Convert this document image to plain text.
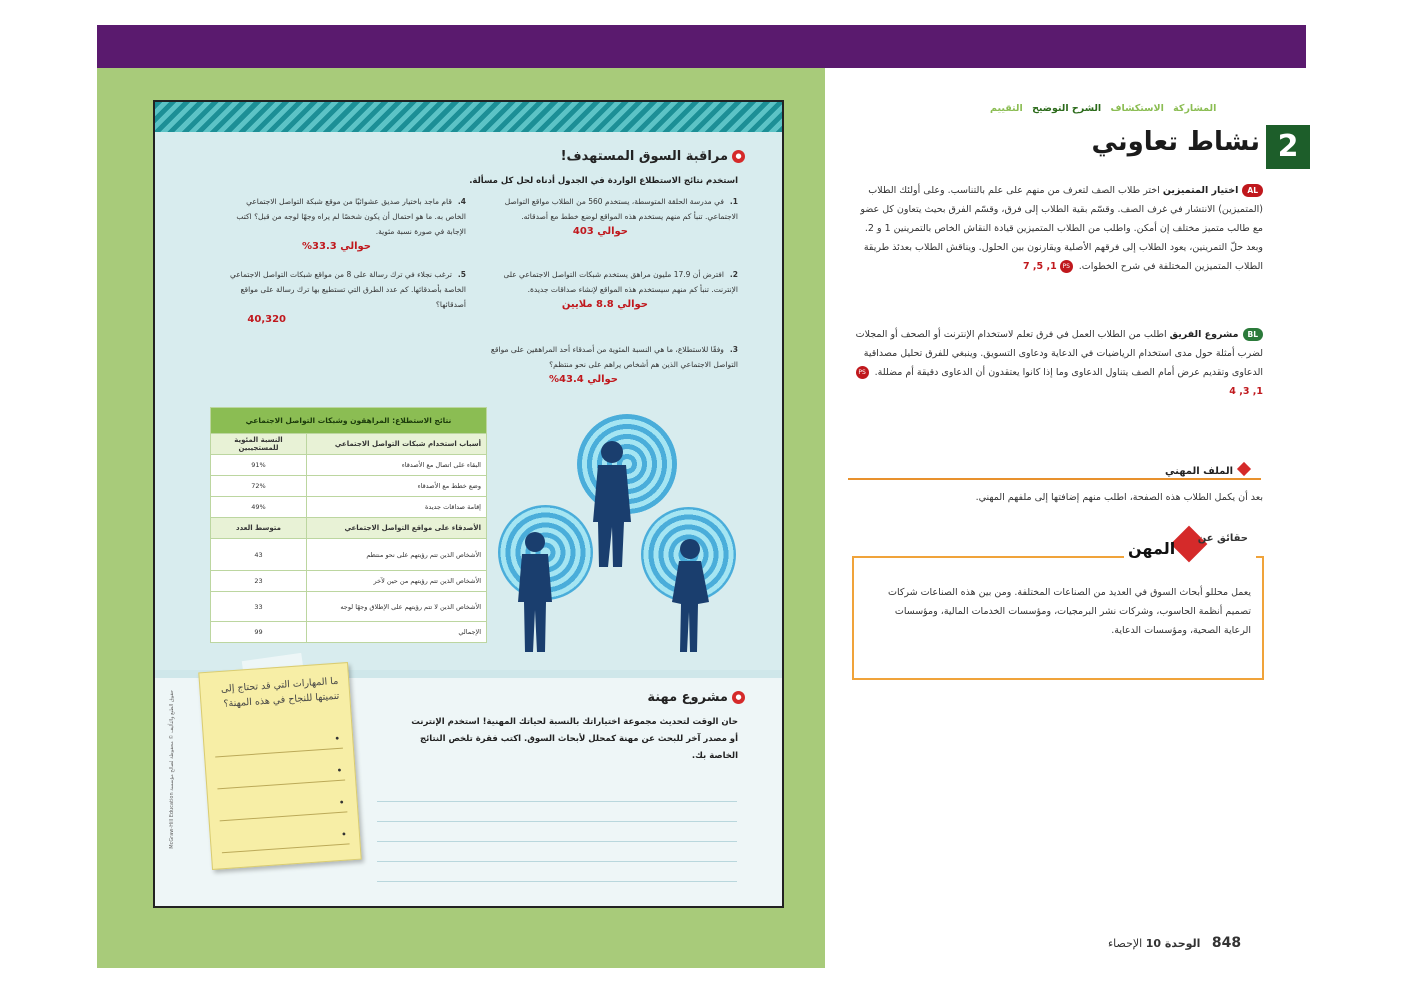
●مراقبة السوق المستهدف!
استخدم نتائج الاستطلاع الواردة في الجدول أدناه لحل كل مسألة.
1.في مدرسة الحلقة المتوسطة، يستخدم 560 من الطلاب مواقع التواصل الاجتماعي. تنبأ كم منهم يستخدم هذه المواقع لوضع خطط مع أصدقائه.
حوالي 403
2.افترض أن 17.9 مليون مراهق يستخدم شبكات التواصل الاجتماعي على الإنترنت. تنبأ كم منهم سيستخدم هذه المواقع لإنشاء صداقات جديدة.
حوالي 8.8 ملايين
3.وفقًا للاستطلاع، ما هي النسبة المئوية من أصدقاء أحد المراهقين على مواقع التواصل الاجتماعي الذين هم أشخاص يراهم على نحو منتظم؟
حوالي 43.4%
4.قام ماجد باختيار صديق عشوائيًا من موقع شبكة التواصل الاجتماعي الخاص به. ما هو احتمال أن يكون شخصًا لم يراه وجهًا لوجه من قبل؟ اكتب الإجابة في صورة نسبة مئوية.
حوالي 33.3%
5.ترغب نجلاء في ترك رسالة على 8 من مواقع شبكات التواصل الاجتماعي الخاصة بأصدقائها. كم عدد الطرق التي تستطيع بها ترك رسالة على مواقع أصدقائها؟
40,320
نتائج الاستطلاع: المراهقون وشبكات التواصل الاجتماعي	
أسباب استخدام شبكات التواصل الاجتماعي	النسبة المئوية للمستجيبين
البقاء على اتصال مع الأصدقاء	91%
وضع خطط مع الأصدقاء	72%
إقامة صداقات جديدة	49%
الأصدقاء على مواقع التواصل الاجتماعي	متوسط العدد
الأشخاص الذين تتم رؤيتهم على نحو منتظم	43
الأشخاص الذين تتم رؤيتهم من حين لآخر	23
الأشخاص الذين لا تتم رؤيتهم على الإطلاق وجهًا لوجه	33
الإجمالي	99
●مشروع مهنة
حان الوقت لتحديث مجموعة اختياراتك بالنسبة لحياتك المهنية! استخدم الإنترنت أو مصدر آخر للبحث عن مهنة كمحلل لأبحاث السوق. اكتب فقرة تلخص النتائج الخاصة بك.
ما المهارات التي قد تحتاج إلى تنميتها للنجاح في هذه المهنة؟
•
•
•
•
حقوق الطبع والتأليف © محفوظة لصالح مؤسسة McGraw-Hill Education
المشاركة الاستكشاف الشرح التوضيح التقييم
2
نشاط تعاوني
ALاختيار المتميزين اختر طلاب الصف لتعرف من منهم على علم بالتناسب. وعلى أولئك الطلاب (المتميزين) الانتشار في غرف الصف. وقسّم بقية الطلاب إلى فرق، وقسّم الفرق بحيث يتعاون كل عضو مع طالب متميز مختلف إن أمكن. واطلب من الطلاب المتميزين قيادة النقاش الخاص بالتمرينين 1 و 2. وبعد حلّ التمرينين، يعود الطلاب إلى فرقهم الأصلية ويقارنون بين الحلول. ويناقش الطلاب بعدئذ طريقة الطلاب المتميزين المختلفة في شرح الخطوات. PS1, 5, 7
BLمشروع الفريق اطلب من الطلاب العمل في فرق تعلم لاستخدام الإنترنت أو الصحف أو المجلات لضرب أمثلة حول مدى استخدام الرياضيات في الدعاية ودعاوى التسويق. وينبغي للفرق تحليل مصداقية الدعاوى وتقديم عرض أمام الصف يتناول الدعاوى وما إذا كانوا يعتقدون أن الدعاوى دقيقة أم مضللة. PS1, 3, 4
الملف المهني
بعد أن يكمل الطلاب هذه الصفحة، اطلب منهم إضافتها إلى ملفهم المهني.
حقائق عن
المهن
يعمل محللو أبحاث السوق في العديد من الصناعات المختلفة. ومن بين هذه الصناعات شركات تصميم أنظمة الحاسوب، وشركات نشر البرمجيات، ومؤسسات الخدمات المالية، ومؤسسات الرعاية الصحية، ومؤسسات الدعاية.
848 الوحدة 10 الإحصاء
